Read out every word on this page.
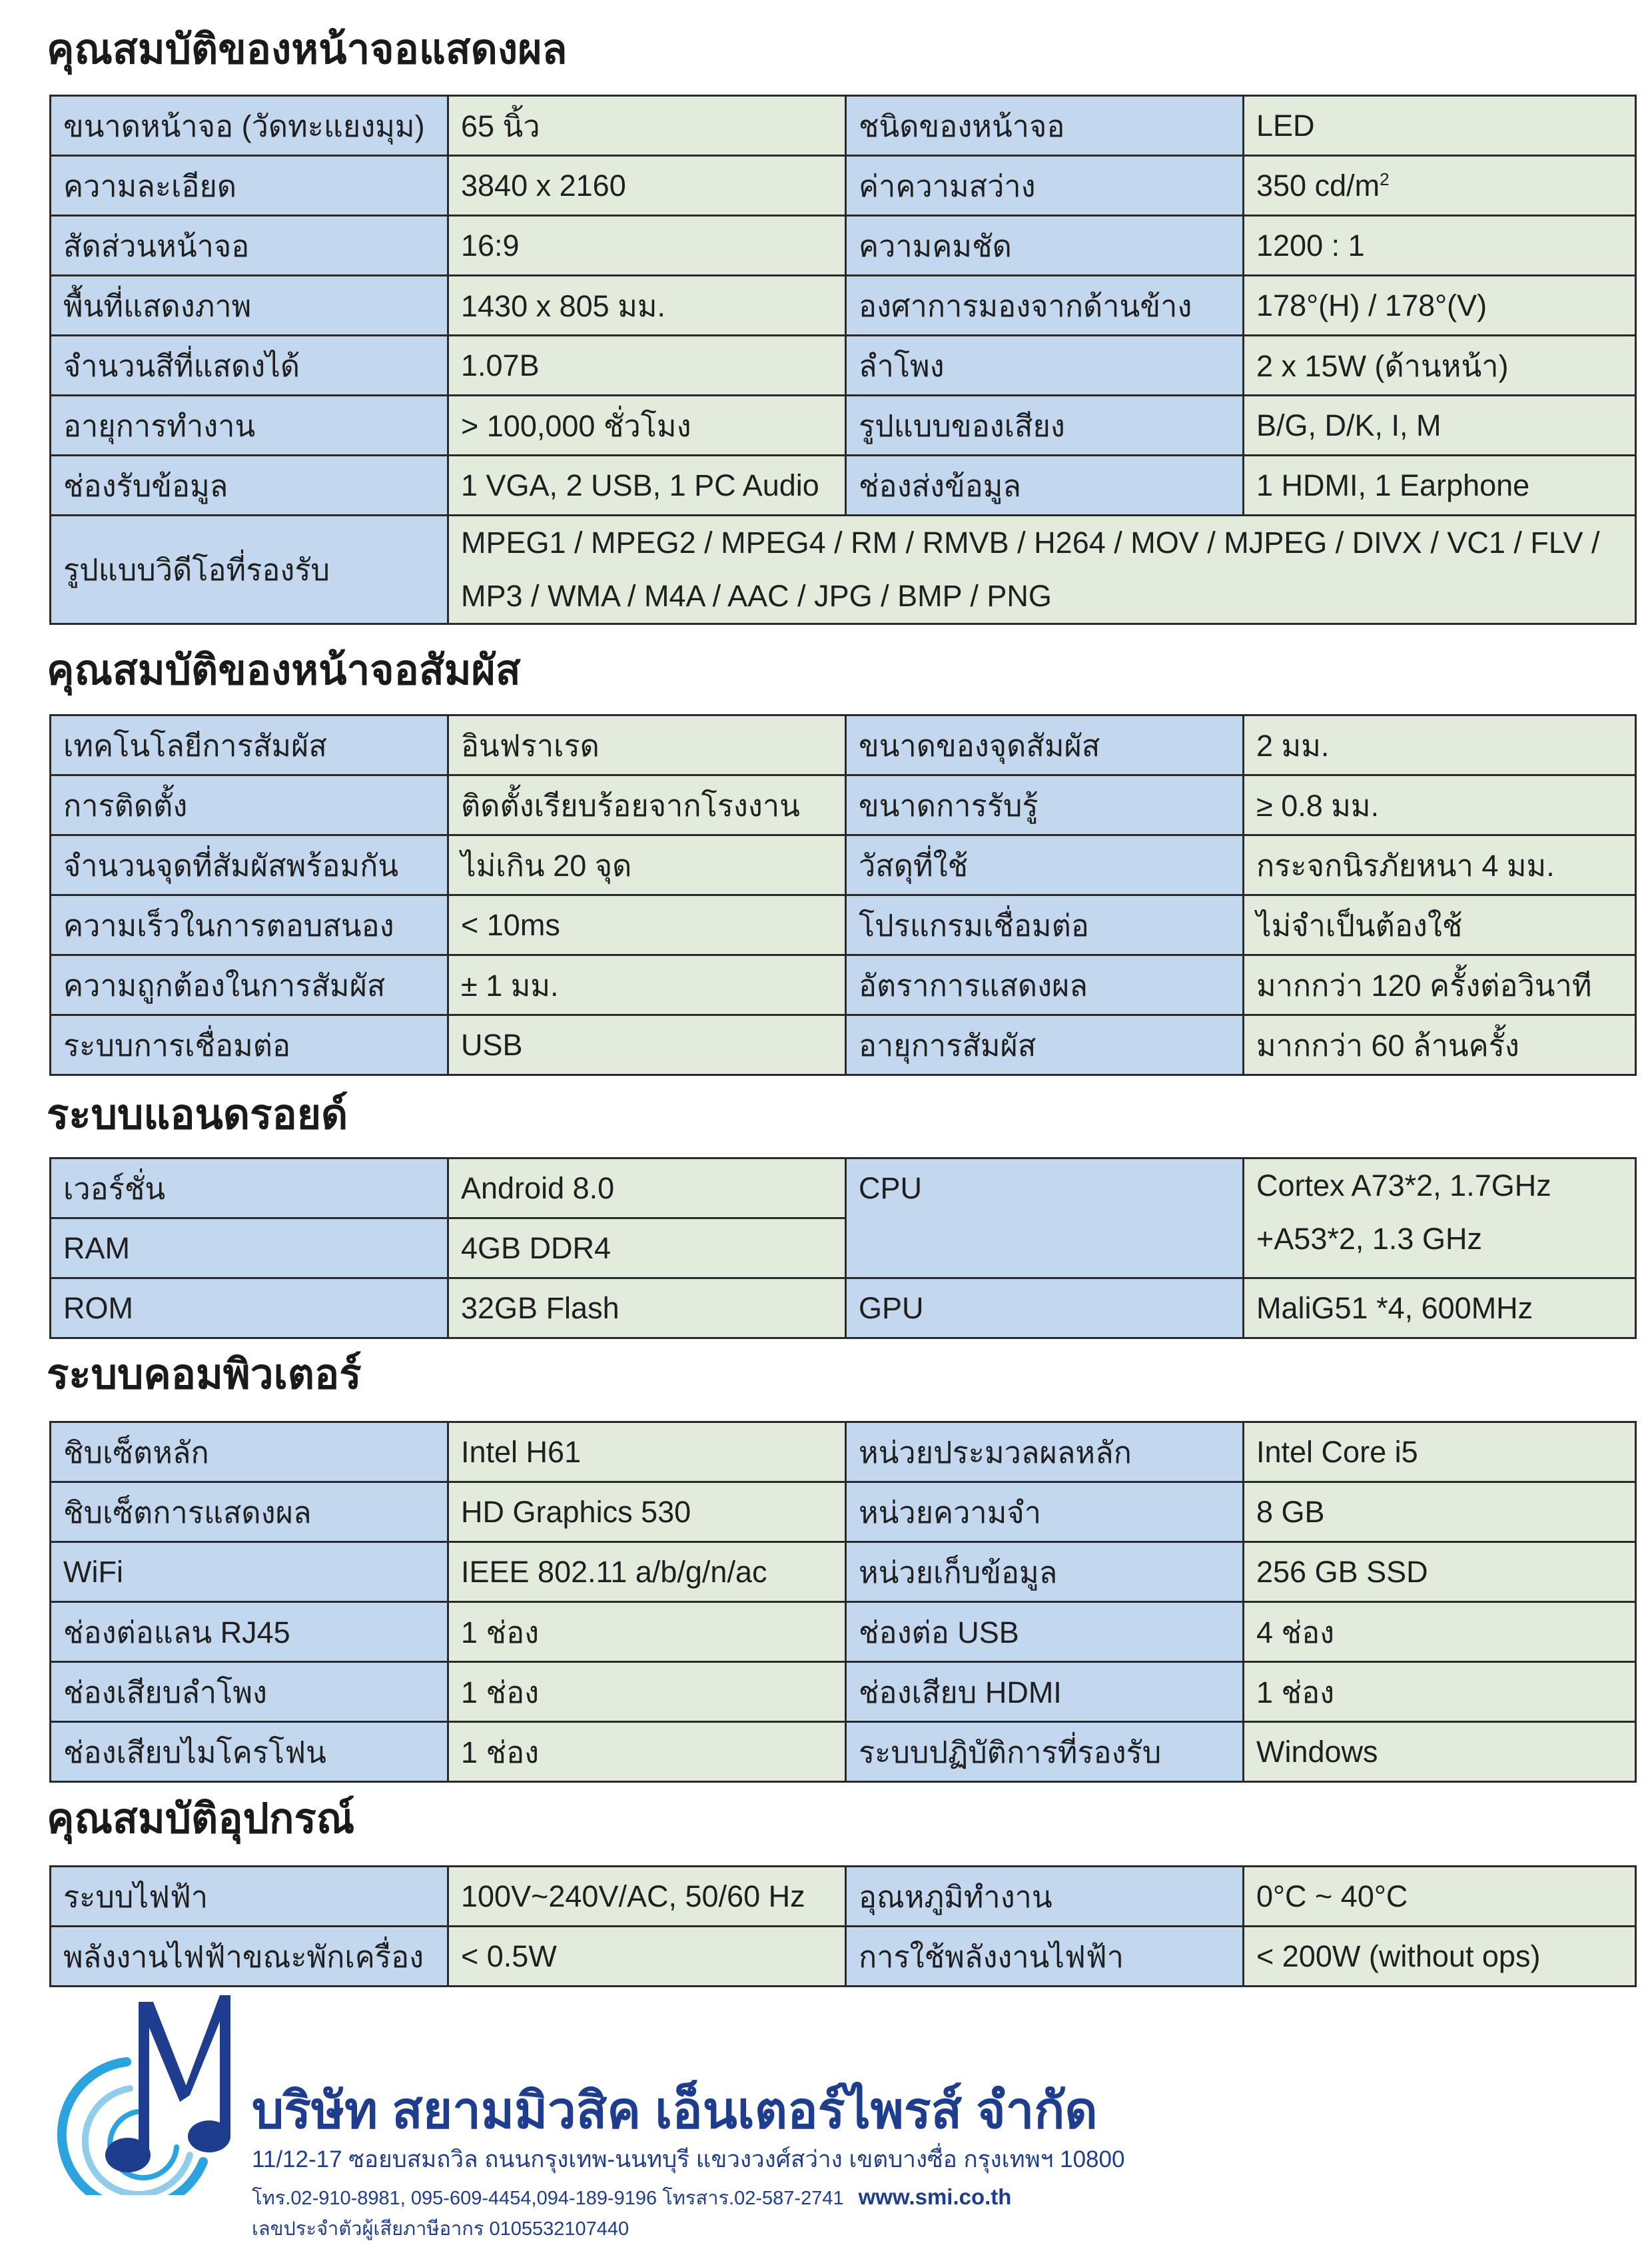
คุณสมบัติของหน้าจอแสดงผล
ขนาดหน้าจอ (วัดทะแยงมุม)	65 นิ้ว	ชนิดของหน้าจอ	LED
ความละเอียด	3840 x 2160	ค่าความสว่าง	350 $cd/m^2$
สัดส่วนหน้าจอ	16:9	ความคมชัด	1200 : 1
พื้นที่แสดงภาพ	1430 x 805 มม.	องศาการมองจากด้านข้าง	178°(H) / 178°(V)
จำนวนสีที่แสดงได้	1.07B	ลำโพง	2 x 15W (ด้านหน้า)
อายุการทำงาน	> 100,000 ชั่วโมง	รูปแบบของเสียง	B/G, D/K, I, M
ช่องรับข้อมูล	1 VGA, 2 USB, 1 PC Audio	ช่องส่งข้อมูล	1 HDMI, 1 Earphone
รูปแบบวิดีโอที่รองรับ	MPEG1 / MPEG2 / MPEG4 / RM / RMVB / H264 / MOV / MJPEG / DIVX / VC1 / FLV /
MP3 / WMA / M4A / AAC / JPG / BMP / PNG		
คุณสมบัติของหน้าจอสัมผัส
เทคโนโลยีการสัมผัส	อินฟราเรด	ขนาดของจุดสัมผัส	2 มม.
การติดตั้ง	ติดตั้งเรียบร้อยจากโรงงาน	ขนาดการรับรู้	≥ 0.8 มม.
จำนวนจุดที่สัมผัสพร้อมกัน	ไม่เกิน 20 จุด	วัสดุที่ใช้	กระจกนิรภัยหนา 4 มม.
ความเร็วในการตอบสนอง	< 10ms	โปรแกรมเชื่อมต่อ	ไม่จำเป็นต้องใช้
ความถูกต้องในการสัมผัส	± 1 มม.	อัตราการแสดงผล	มากกว่า 120 ครั้งต่อวินาที
ระบบการเชื่อมต่อ	USB	อายุการสัมผัส	มากกว่า 60 ล้านครั้ง
ระบบแอนดรอยด์
เวอร์ชั่น	Android 8.0	CPU	Cortex A73*2, 1.7GHz
+A53*2, 1.3 GHz

RAM	4GB DDR4		
ROM	32GB Flash	GPU	MaliG51 *4, 600MHz
ระบบคอมพิวเตอร์
ชิบเซ็ตหลัก	Intel H61	หน่วยประมวลผลหลัก	Intel Core i5
ชิบเซ็ตการแสดงผล	HD Graphics 530	หน่วยความจำ	8 GB
WiFi	IEEE 802.11 a/b/g/n/ac	หน่วยเก็บข้อมูล	256 GB SSD
ช่องต่อแลน RJ45	1 ช่อง	ช่องต่อ USB	4 ช่อง
ช่องเสียบลำโพง	1 ช่อง	ช่องเสียบ HDMI	1 ช่อง
ช่องเสียบไมโครโฟน	1 ช่อง	ระบบปฏิบัติการที่รองรับ	Windows
คุณสมบัติอุปกรณ์
ระบบไฟฟ้า	100V~240V/AC, 50/60 Hz	อุณหภูมิทำงาน	0°C ~ 40°C
พลังงานไฟฟ้าขณะพักเครื่อง	< 0.5W	การใช้พลังงานไฟฟ้า	< 200W (without ops)
บริษัท สยามมิวสิค เอ็นเตอร์ไพรส์ จำกัด
11/12-17 ซอยบสมถวิล ถนนกรุงเทพ-นนทบุรี แขวงวงศ์สว่าง เขตบางซื่อ กรุงเทพฯ 10800
โทร.02-910-8981, 095-609-4454,094-189-9196 โทรสาร.02-587-2741 www.smi.co.th
เลขประจำตัวผู้เสียภาษีอากร 0105532107440
